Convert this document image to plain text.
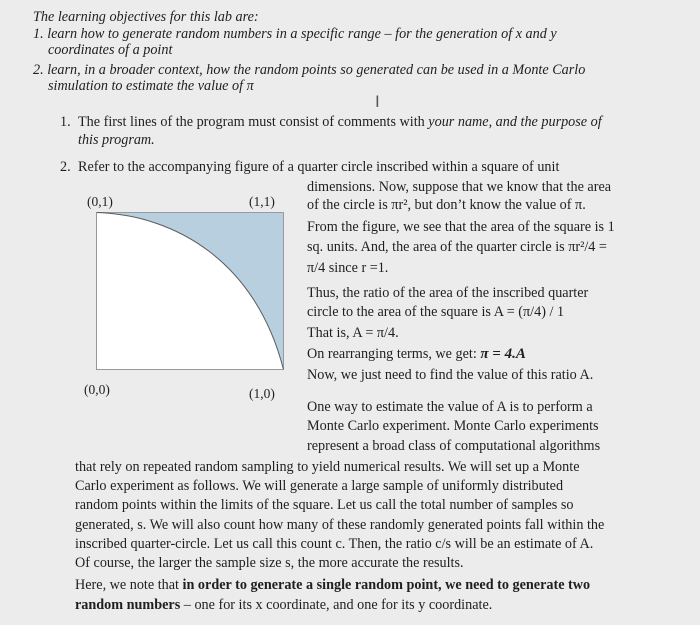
The learning objectives for this lab are:
1. learn how to generate random numbers in a specific range – for the generation of x and y
coordinates of a point
2. learn, in a broader context, how the random points so generated can be used in a Monte Carlo
simulation to estimate the value of π
I
1. The first lines of the program must consist of comments with your name, and the purpose of
this program.
2. Refer to the accompanying figure of a quarter circle inscribed within a square of unit
(0,1)	(1,1)
(0,0)	(1,0)
dimensions. Now, suppose that we know that the area
of the circle is πr², but don’t know the value of π.
From the figure, we see that the area of the square is 1
sq. units. And, the area of the quarter circle is πr²/4 =
π/4 since r =1.
Thus, the ratio of the area of the inscribed quarter
circle to the area of the square is A = (π/4) / 1
That is, A = π/4.
On rearranging terms, we get: π = 4.A
Now, we just need to find the value of this ratio A.
One way to estimate the value of A is to perform a
Monte Carlo experiment. Monte Carlo experiments
represent a broad class of computational algorithms
that rely on repeated random sampling to yield numerical results. We will set up a Monte
Carlo experiment as follows. We will generate a large sample of uniformly distributed
random points within the limits of the square. Let us call the total number of samples so
generated, s. We will also count how many of these randomly generated points fall within the
inscribed quarter-circle. Let us call this count c. Then, the ratio c/s will be an estimate of A.
Of course, the larger the sample size s, the more accurate the results.
Here, we note that in order to generate a single random point, we need to generate two
random numbers – one for its x coordinate, and one for its y coordinate.
